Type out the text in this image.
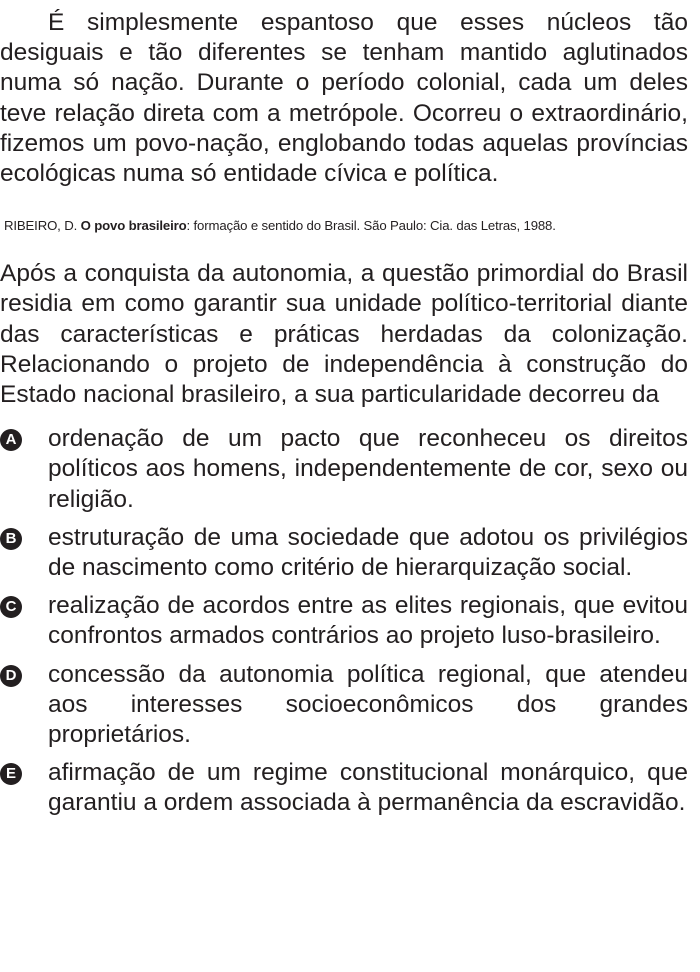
É simplesmente espantoso que esses núcleos tão desiguais e tão diferentes se tenham mantido aglutinados numa só nação. Durante o período colonial, cada um deles teve relação direta com a metrópole. Ocorreu o extraordinário, fizemos um povo-nação, englobando todas aquelas províncias ecológicas numa só entidade cívica e política.

RIBEIRO, D. O povo brasileiro: formação e sentido do Brasil. São Paulo: Cia. das Letras, 1988.

Após a conquista da autonomia, a questão primordial do Brasil residia em como garantir sua unidade político-territorial diante das características e práticas herdadas da colonização. Relacionando o projeto de independência à construção do Estado nacional brasileiro, a sua particularidade decorreu da

A ordenação de um pacto que reconheceu os direitos políticos aos homens, independentemente de cor, sexo ou religião.
B estruturação de uma sociedade que adotou os privilégios de nascimento como critério de hierarquização social.
C realização de acordos entre as elites regionais, que evitou confrontos armados contrários ao projeto luso-brasileiro.
D concessão da autonomia política regional, que atendeu aos interesses socioeconômicos dos grandes proprietários.
E afirmação de um regime constitucional monárquico, que garantiu a ordem associada à permanência da escravidão.
